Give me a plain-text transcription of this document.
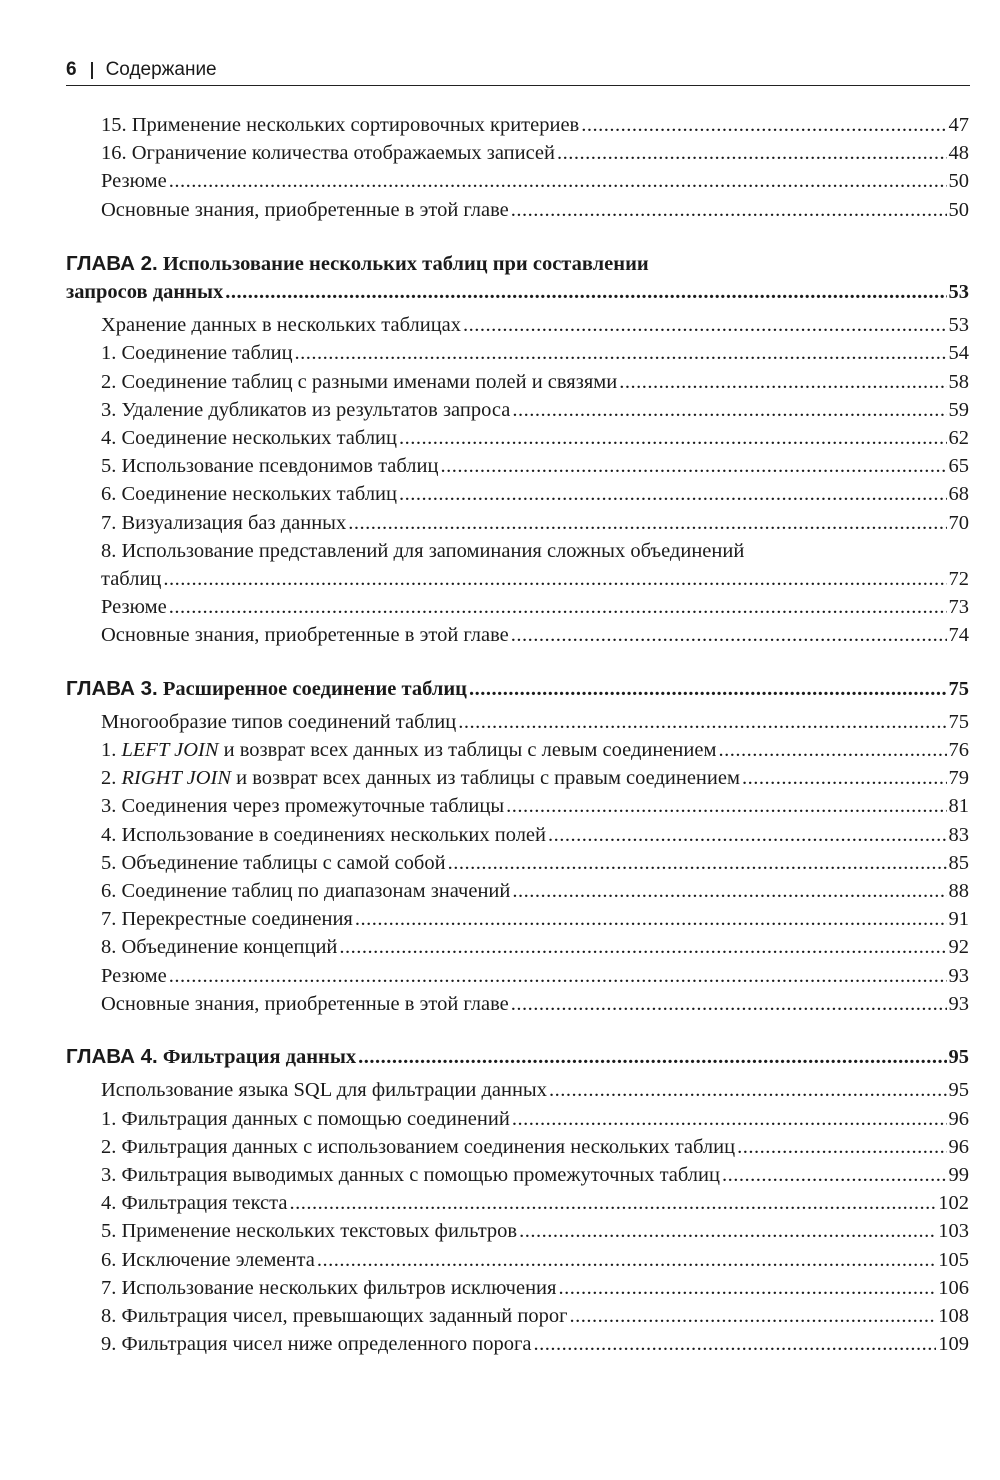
6 Содержание
15. Применение нескольких сортировочных критериев .....	47
16. Ограничение количества отображаемых записей .....	48
Резюме .....	50
Основные знания, приобретенные в этой главе .....	50
ГЛАВА 2. Использование нескольких таблиц при составлении
запросов данных .....	53
Хранение данных в нескольких таблицах .....	53
1. Соединение таблиц .....	54
2. Соединение таблиц с разными именами полей и связями .....	58
3. Удаление дубликатов из результатов запроса .....	59
4. Соединение нескольких таблиц .....	62
5. Использование псевдонимов таблиц .....	65
6. Соединение нескольких таблиц .....	68
7. Визуализация баз данных .....	70
8. Использование представлений для запоминания сложных объединений
таблиц .....	72
Резюме .....	73
Основные знания, приобретенные в этой главе .....	74
ГЛАВА 3.
Расширенное соединение таблиц .....	75
Многообразие типов соединений таблиц .....	75
1. LEFT JOIN и возврат всех данных из таблицы с левым соединением .....	76
2. RIGHT JOIN и возврат всех данных из таблицы с правым соединением .....	79
3. Соединения через промежуточные таблицы .....	81
4. Использование в соединениях нескольких полей .....	83
5. Объединение таблицы с самой собой .....	85
6. Соединение таблиц по диапазонам значений .....	88
7. Перекрестные соединения .....	91
8. Объединение концепций .....	92
Резюме .....	93
Основные знания, приобретенные в этой главе .....	93
ГЛАВА 4.
Фильтрация данных .....	95
Использование языка SQL для фильтрации данных .....	95
1. Фильтрация данных с помощью соединений .....	96
2. Фильтрация данных с использованием соединения нескольких таблиц .....	96
3. Фильтрация выводимых данных с помощью промежуточных таблиц .....	99
4. Фильтрация текста .....	102
5. Применение нескольких текстовых фильтров .....	103
6. Исключение элемента .....	105
7. Использование нескольких фильтров исключения .....	106
8. Фильтрация чисел, превышающих заданный порог .....	108
9. Фильтрация чисел ниже определенного порога .....	109
